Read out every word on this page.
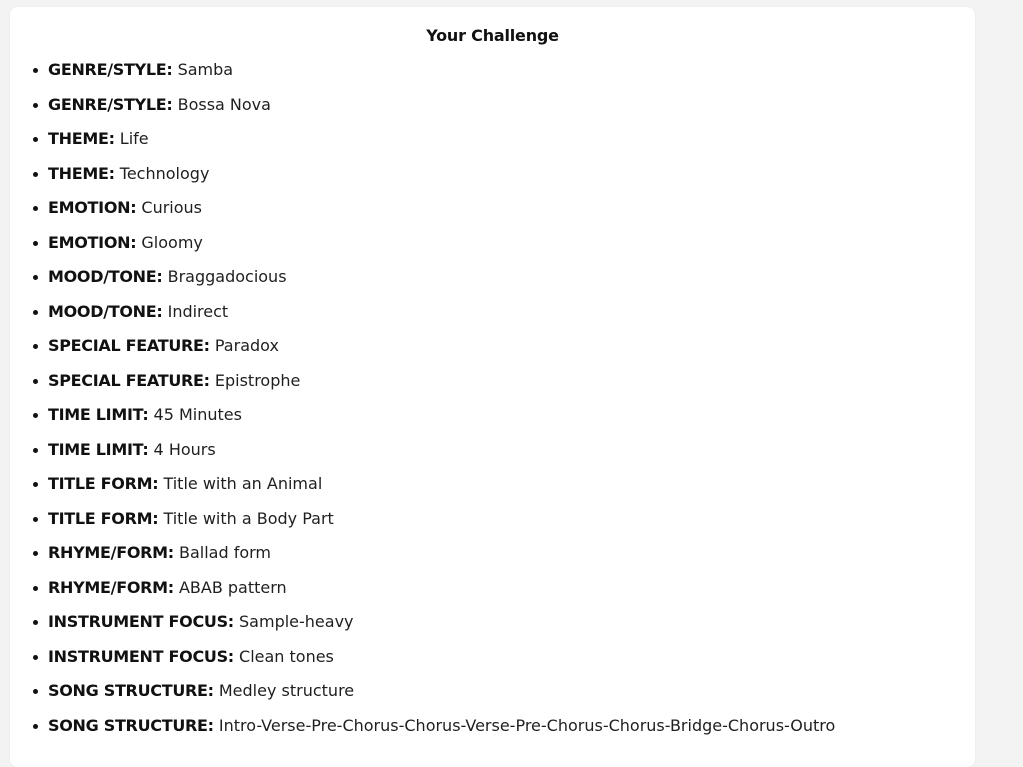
Your Challenge
GENRE/STYLE: Samba
GENRE/STYLE: Bossa Nova
THEME: Life
THEME: Technology
EMOTION: Curious
EMOTION: Gloomy
MOOD/TONE: Braggadocious
MOOD/TONE: Indirect
SPECIAL FEATURE: Paradox
SPECIAL FEATURE: Epistrophe
TIME LIMIT: 45 Minutes
TIME LIMIT: 4 Hours
TITLE FORM: Title with an Animal
TITLE FORM: Title with a Body Part
RHYME/FORM: Ballad form
RHYME/FORM: ABAB pattern
INSTRUMENT FOCUS: Sample-heavy
INSTRUMENT FOCUS: Clean tones
SONG STRUCTURE: Medley structure
SONG STRUCTURE: Intro-Verse-Pre-Chorus-Chorus-Verse-Pre-Chorus-Chorus-Bridge-Chorus-Outro
